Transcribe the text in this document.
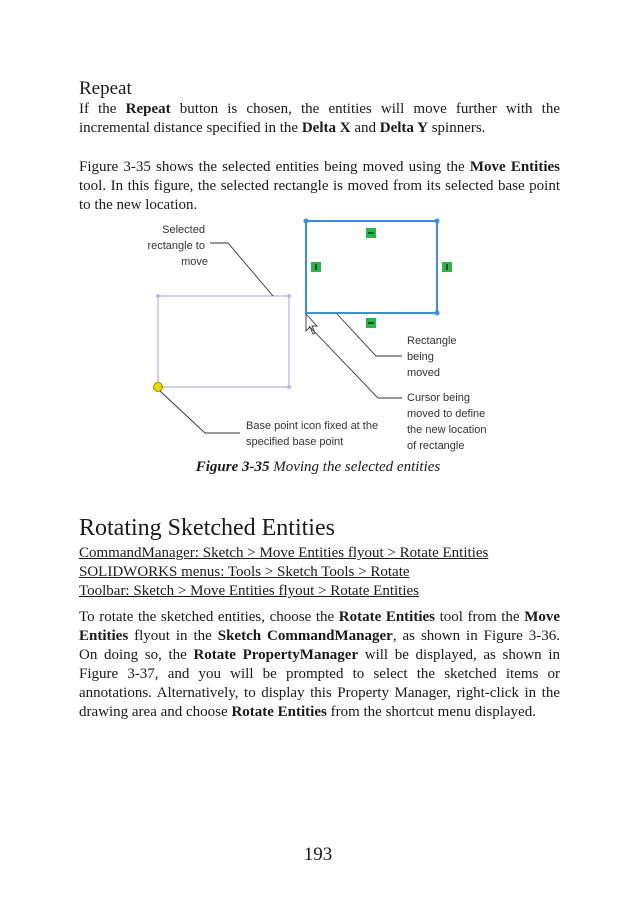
Repeat

If the Repeat button is chosen, the entities will move further with the incremental distance specified in the Delta X and Delta Y spinners.

Figure 3-35 shows the selected entities being moved using the Move Entities tool. In this figure, the selected rectangle is moved from its selected base point to the new location.

Selected rectangle to move
Rectangle being moved
Cursor being moved to define the new location of rectangle
Base point icon fixed at the specified base point
Figure 3-35 Moving the selected entities
Rotating Sketched Entities
CommandManager: Sketch > Move Entities flyout > Rotate Entities
SOLIDWORKS menus: Tools > Sketch Tools > Rotate
Toolbar: Sketch > Move Entities flyout > Rotate Entities

To rotate the sketched entities, choose the Rotate Entities tool from the Move Entities flyout in the Sketch CommandManager, as shown in Figure 3-36. On doing so, the Rotate PropertyManager will be displayed, as shown in Figure 3-37, and you will be prompted to select the sketched items or annotations. Alternatively, to display this Property Manager, right-click in the drawing area and choose Rotate Entities from the shortcut menu displayed.

193
